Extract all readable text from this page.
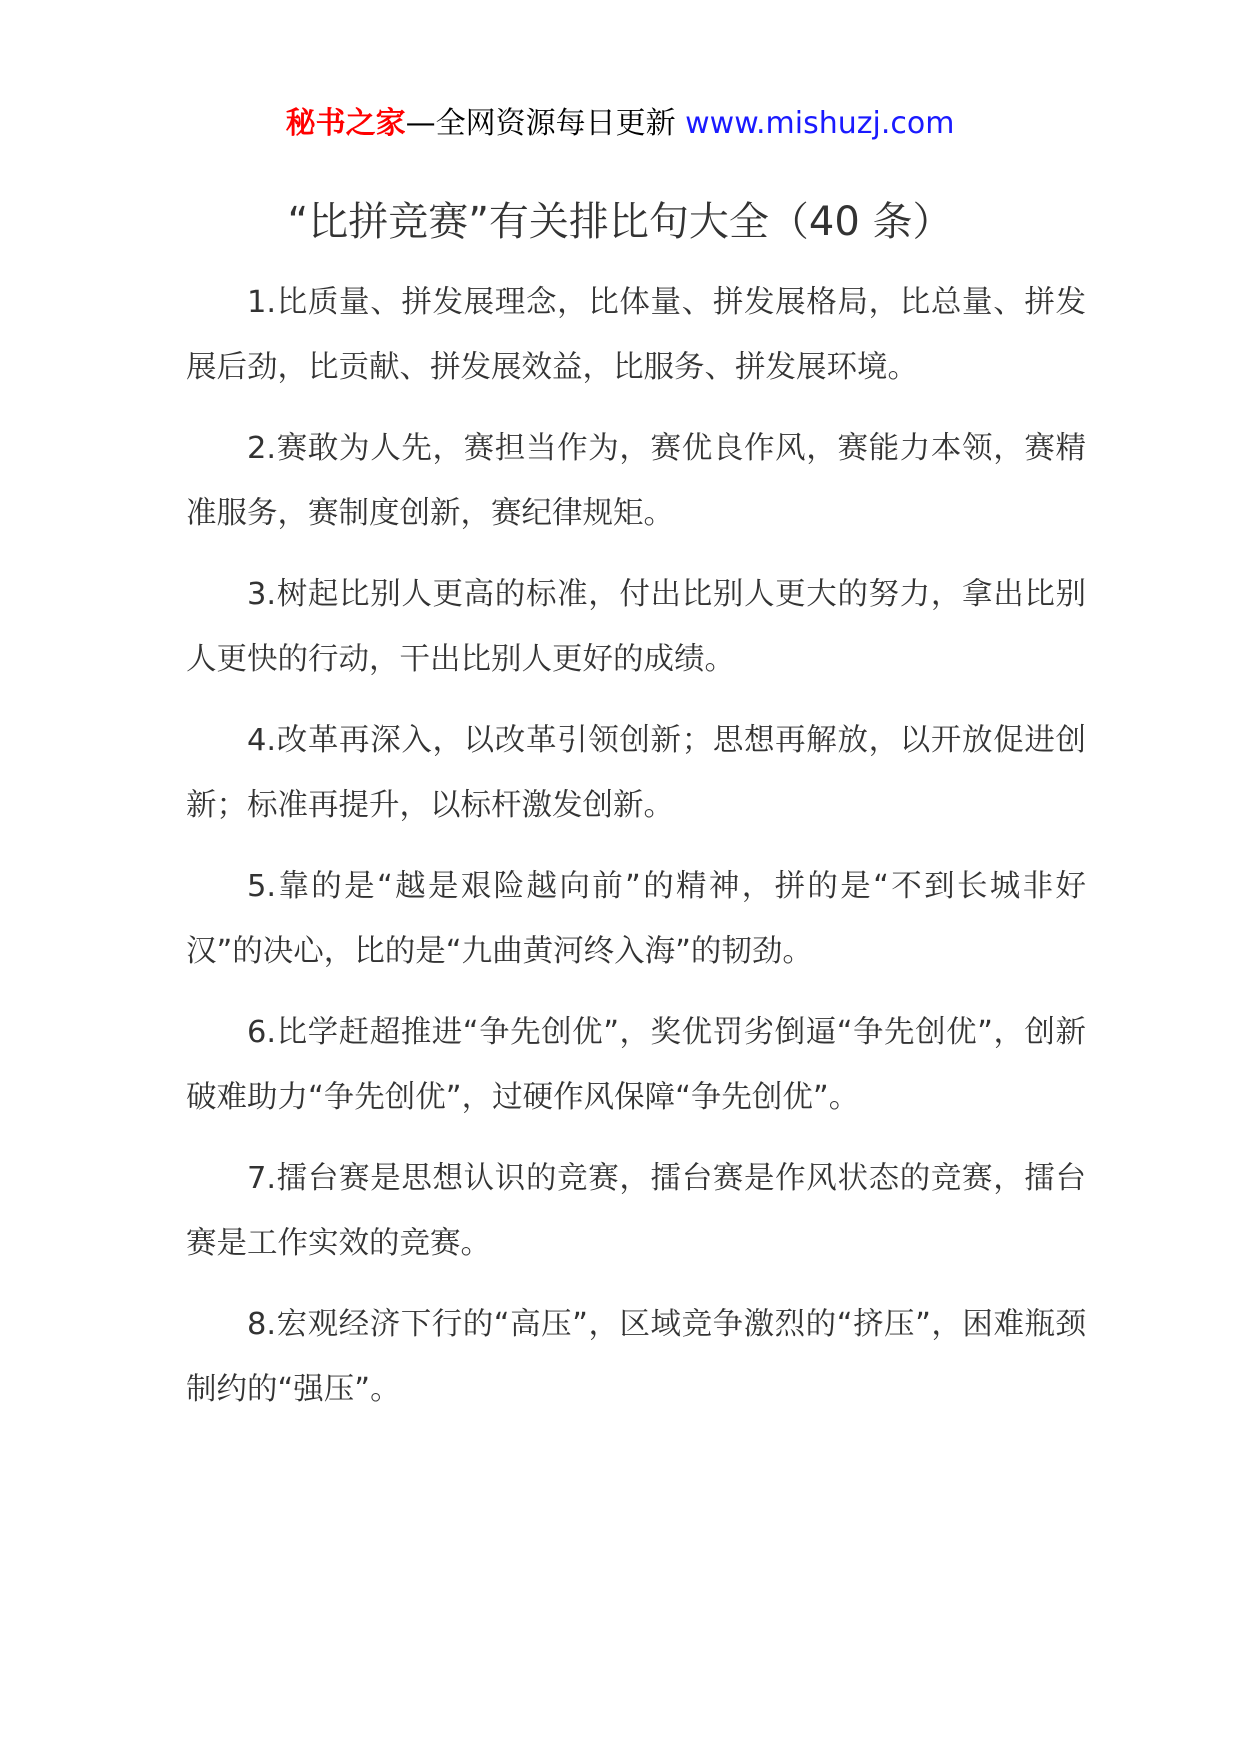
秘书之家—全网资源每日更新 www.mishuzj.com
“比拼竞赛”有关排比句大全（40 条）

1.比质量、拼发展理念，比体量、拼发展格局，比总量、拼发展后劲，比贡献、拼发展效益，比服务、拼发展环境。

2.赛敢为人先，赛担当作为，赛优良作风，赛能力本领，赛精准服务，赛制度创新，赛纪律规矩。

3.树起比别人更高的标准，付出比别人更大的努力，拿出比别人更快的行动，干出比别人更好的成绩。

4.改革再深入，以改革引领创新；思想再解放，以开放促进创新；标准再提升，以标杆激发创新。

5.靠的是“越是艰险越向前”的精神，拼的是“不到长城非好汉”的决心，比的是“九曲黄河终入海”的韧劲。

6.比学赶超推进“争先创优”，奖优罚劣倒逼“争先创优”，创新破难助力“争先创优”，过硬作风保障“争先创优”。

7.擂台赛是思想认识的竞赛，擂台赛是作风状态的竞赛，擂台赛是工作实效的竞赛。

8.宏观经济下行的“高压”，区域竞争激烈的“挤压”，困难瓶颈制约的“强压”。
